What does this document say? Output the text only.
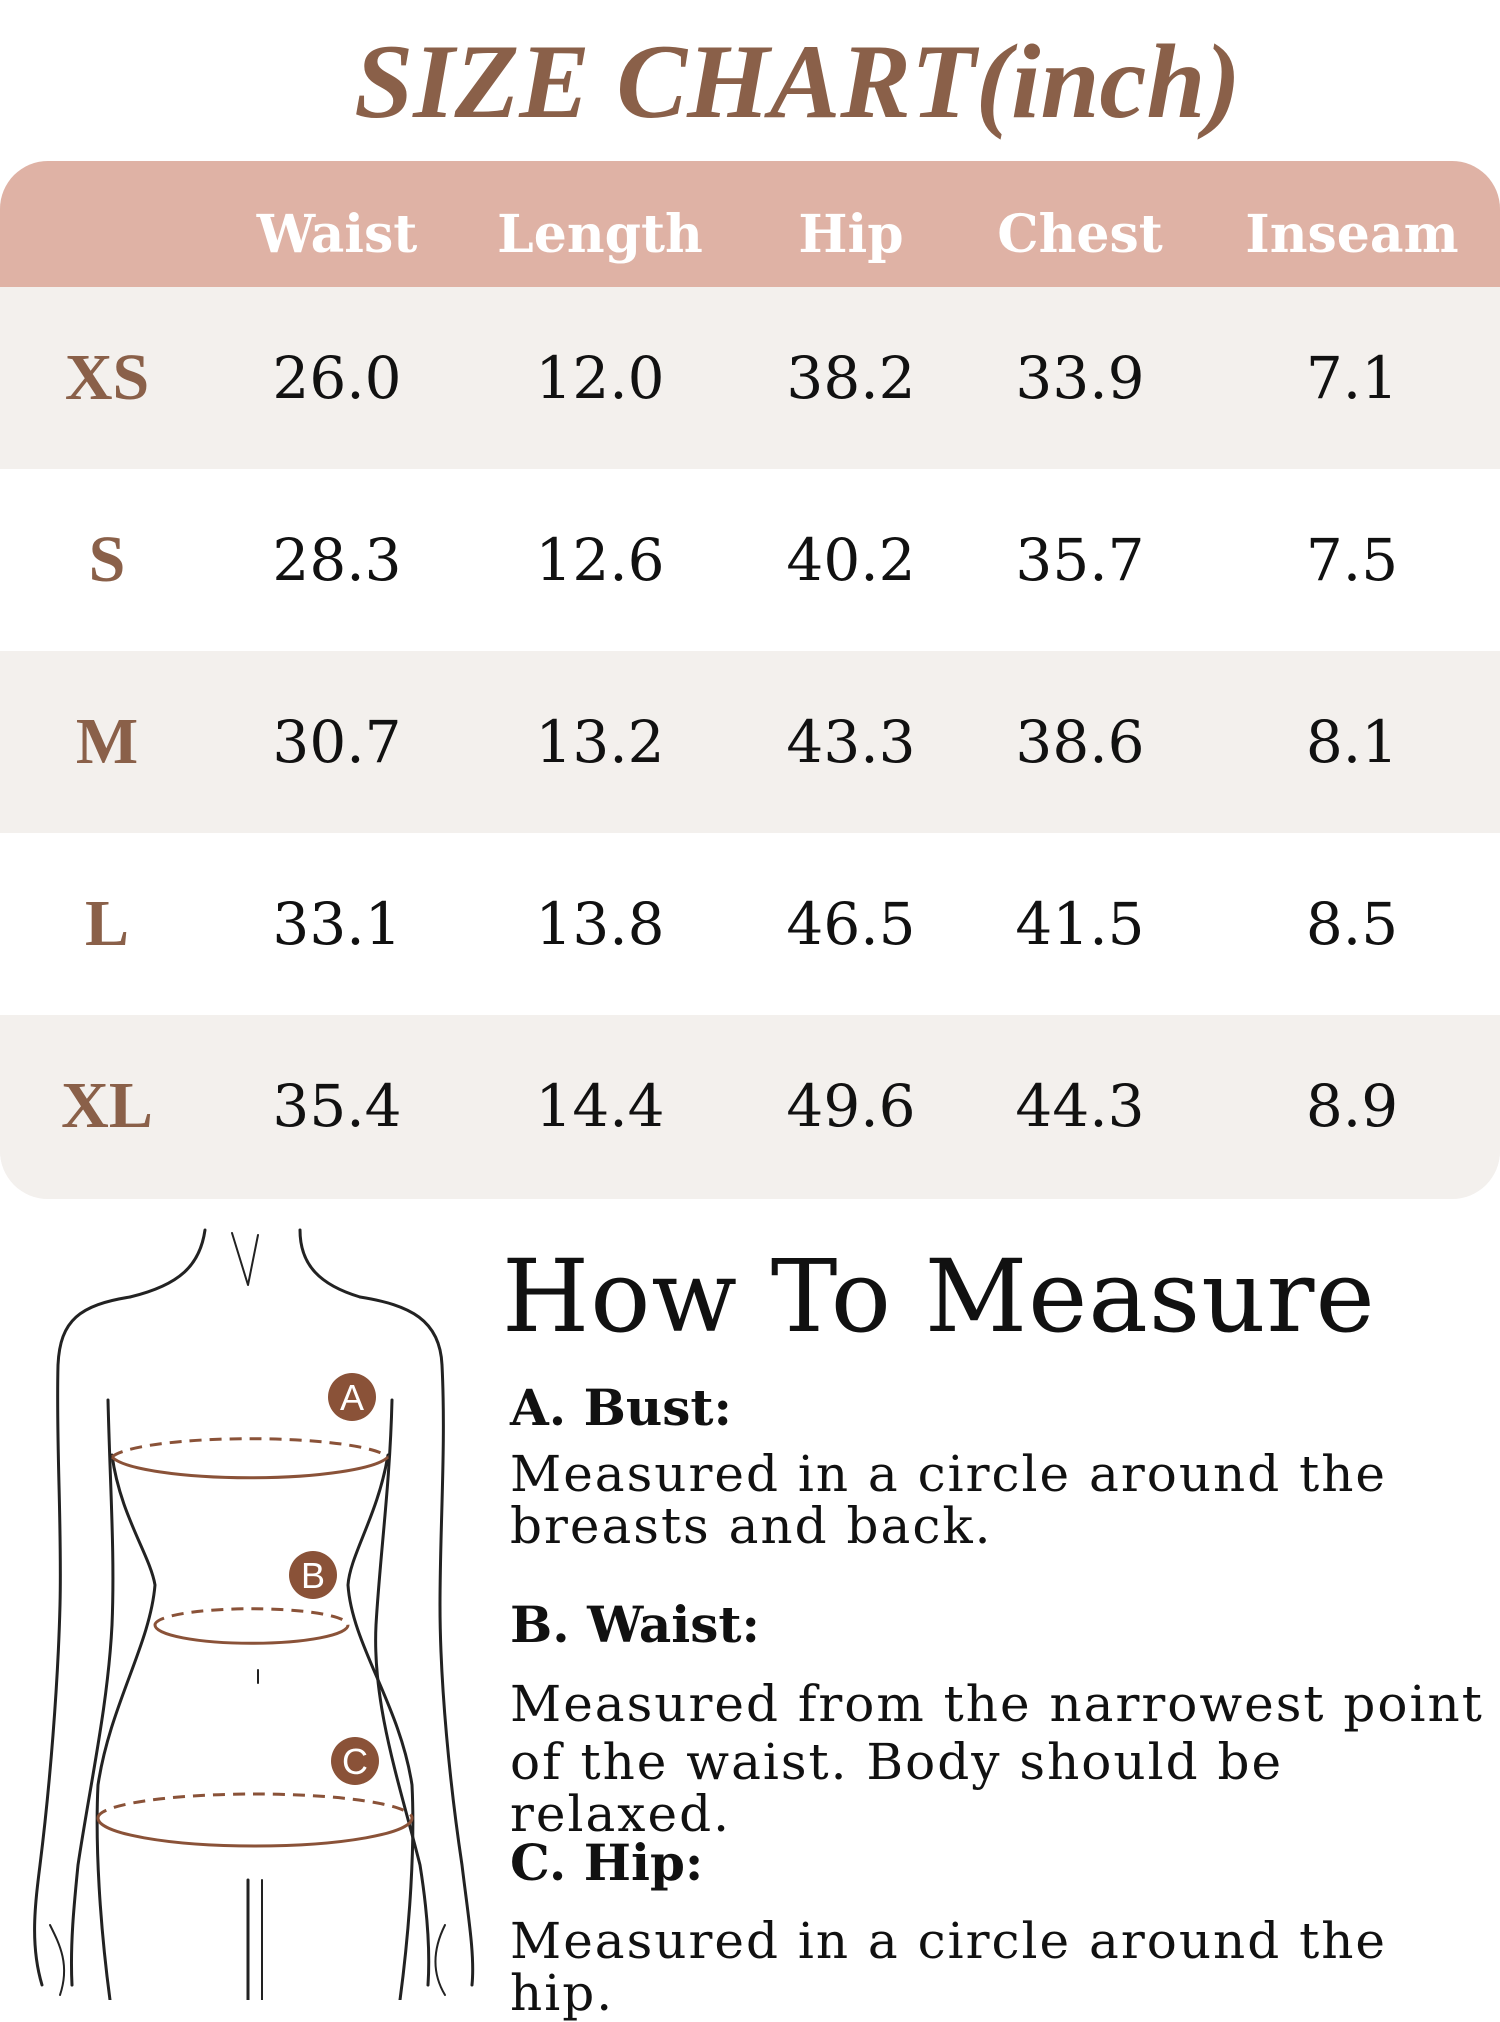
SIZE CHART(inch)
Waist Length Hip Chest Inseam
XS 26.0 12.0 38.2 33.9	7.1
S	28.3 12.6 40.2 35.7	7.5
M 30.7 13.2 43.3 38.6	8.1
L 33.1 13.8 46.5 41.5	8.5
XL 35.4 14.4 49.6 44.3	8.9
A
B
C
How To Measure
A. Bust:
Measured in a circle around the
breasts and back.
B. Waist:
Measured from the narrowest point
of the waist. Body should be relaxed.
C. Hip:
Measured in a circle around the hip.
